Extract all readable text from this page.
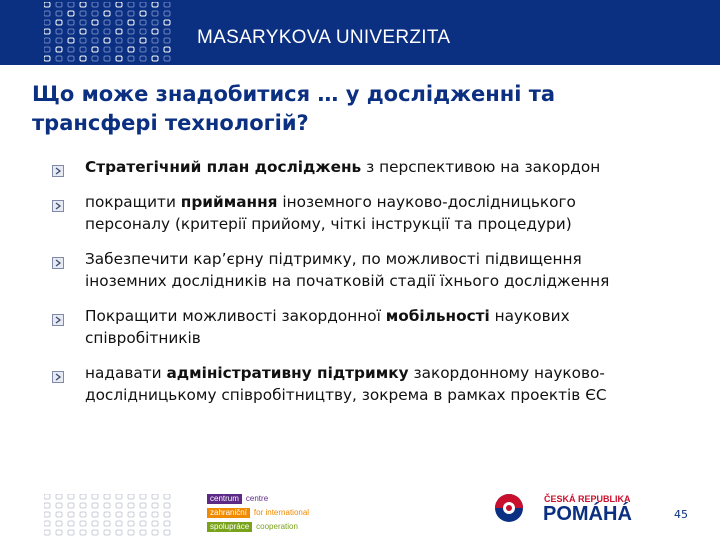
MASARYKOVA UNIVERZITA
Що може знадобитися … у дослідженні та
трансфері технологій?
Стратегічний план досліджень з перспективою на закордон
покращити приймання іноземного науково-дослідницького
персоналу (критерії прийому, чіткі інструкції та процедури)
Забезпечити кар’єрну підтримку, по можливості підвищення
іноземних дослідників на початковій стадії їхнього дослідження
Покращити можливості закордонної мобільності наукових
співробітників
надавати адміністративну підтримку закордонному науково-
дослідницькому співробітництву, зокрема в рамках проектів ЄС
centrum centre
zahraniční for international
spolupráce cooperation
ČESKÁ REPUBLIKA
POMÁHÁ	45
